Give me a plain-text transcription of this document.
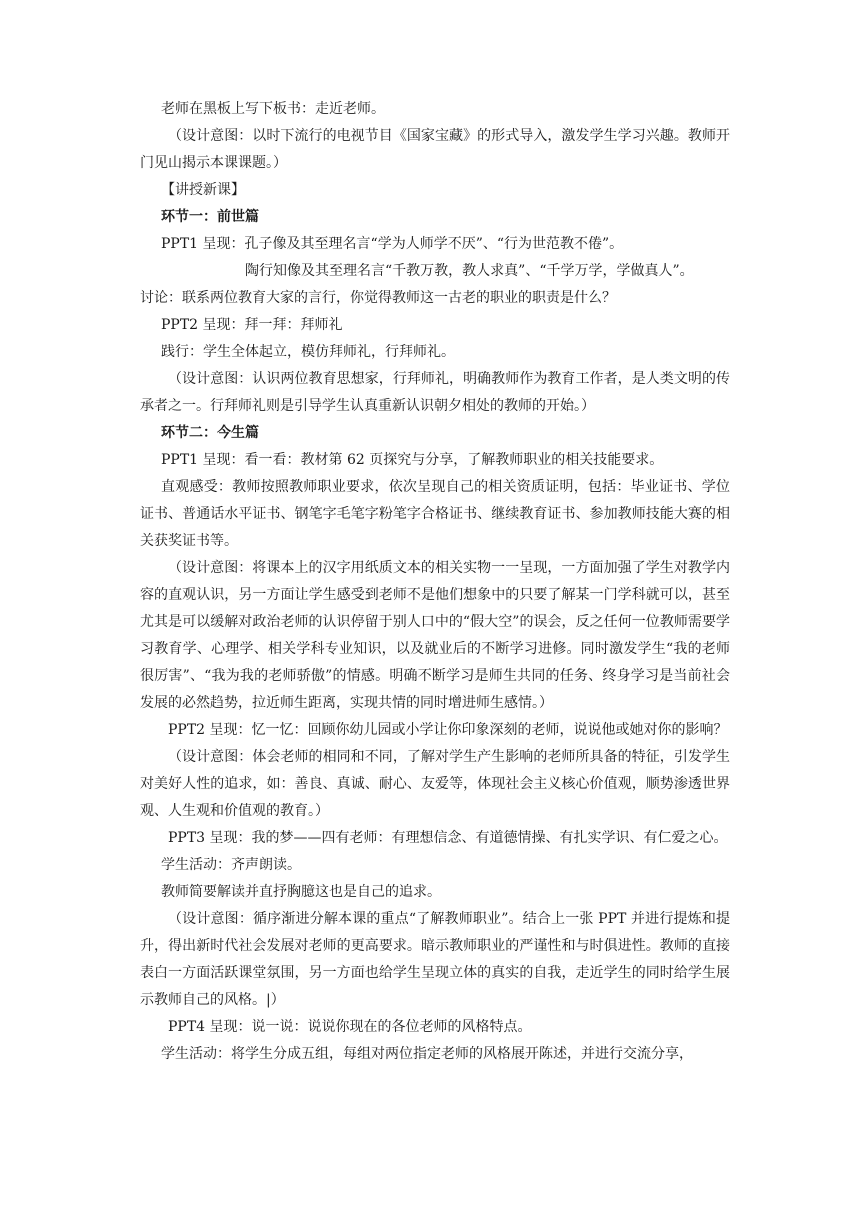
老师在黑板上写下板书：走近老师。

（设计意图：以时下流行的电视节目《国家宝藏》的形式导入，激发学生学习兴趣。教师开门见山揭示本课课题。）

【讲授新课】

环节一：前世篇

PPT1 呈现：孔子像及其至理名言“学为人师学不厌”、“行为世范教不倦”。

陶行知像及其至理名言“千教万教，教人求真”、“千学万学，学做真人”。

讨论：联系两位教育大家的言行，你觉得教师这一古老的职业的职责是什么？

PPT2 呈现：拜一拜：拜师礼

践行：学生全体起立，模仿拜师礼，行拜师礼。

（设计意图：认识两位教育思想家，行拜师礼，明确教师作为教育工作者，是人类文明的传承者之一。行拜师礼则是引导学生认真重新认识朝夕相处的教师的开始。）

环节二：今生篇

PPT1 呈现：看一看：教材第 62 页探究与分享，了解教师职业的相关技能要求。

直观感受：教师按照教师职业要求，依次呈现自己的相关资质证明，包括：毕业证书、学位证书、普通话水平证书、钢笔字毛笔字粉笔字合格证书、继续教育证书、参加教师技能大赛的相关获奖证书等。

（设计意图：将课本上的汉字用纸质文本的相关实物一一呈现，一方面加强了学生对教学内容的直观认识，另一方面让学生感受到老师不是他们想象中的只要了解某一门学科就可以，甚至尤其是可以缓解对政治老师的认识停留于别人口中的“假大空”的误会，反之任何一位教师需要学习教育学、心理学、相关学科专业知识，以及就业后的不断学习进修。同时激发学生“我的老师很厉害”、“我为我的老师骄傲”的情感。明确不断学习是师生共同的任务、终身学习是当前社会发展的必然趋势，拉近师生距离，实现共情的同时增进师生感情。）

PPT2 呈现：忆一忆：回顾你幼儿园或小学让你印象深刻的老师，说说他或她对你的影响？

（设计意图：体会老师的相同和不同，了解对学生产生影响的老师所具备的特征，引发学生对美好人性的追求，如：善良、真诚、耐心、友爱等，体现社会主义核心价值观，顺势渗透世界观、人生观和价值观的教育。）

PPT3 呈现：我的梦——四有老师：有理想信念、有道德情操、有扎实学识、有仁爱之心。

学生活动：齐声朗读。

教师简要解读并直抒胸臆这也是自己的追求。

（设计意图：循序渐进分解本课的重点“了解教师职业”。结合上一张 PPT 并进行提炼和提升，得出新时代社会发展对老师的更高要求。暗示教师职业的严谨性和与时俱进性。教师的直接表白一方面活跃课堂氛围，另一方面也给学生呈现立体的真实的自我，走近学生的同时给学生展示教师自己的风格。|）

PPT4 呈现：说一说：说说你现在的各位老师的风格特点。

学生活动：将学生分成五组，每组对两位指定老师的风格展开陈述，并进行交流分享，
